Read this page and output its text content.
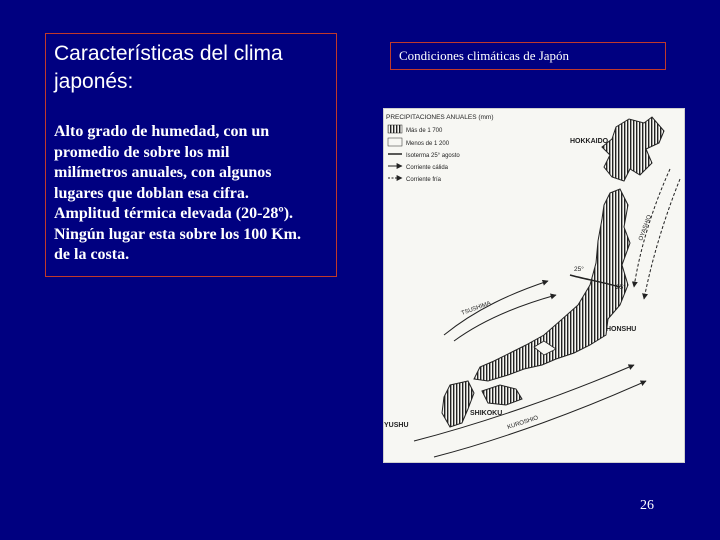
Características del clima japonés:
Alto grado de humedad, con un
promedio de sobre los mil
milímetros anuales, con algunos
lugares que doblan esa cifra.
Amplitud térmica elevada (20-28º).
Ningún lugar esta sobre los 100 Km.
de la costa.
Condiciones climáticas de Japón
PRECIPITACIONES ANUALES (mm)
Más de 1 700
Menos de 1 200
Isoterma 25° agosto
Corriente cálida
Corriente fría
HOKKAIDO
HONSHU
SHIKOKU
YUSHU
25°
25°
TSUSHIMA
KUROSHIO
OYASHIO
26
